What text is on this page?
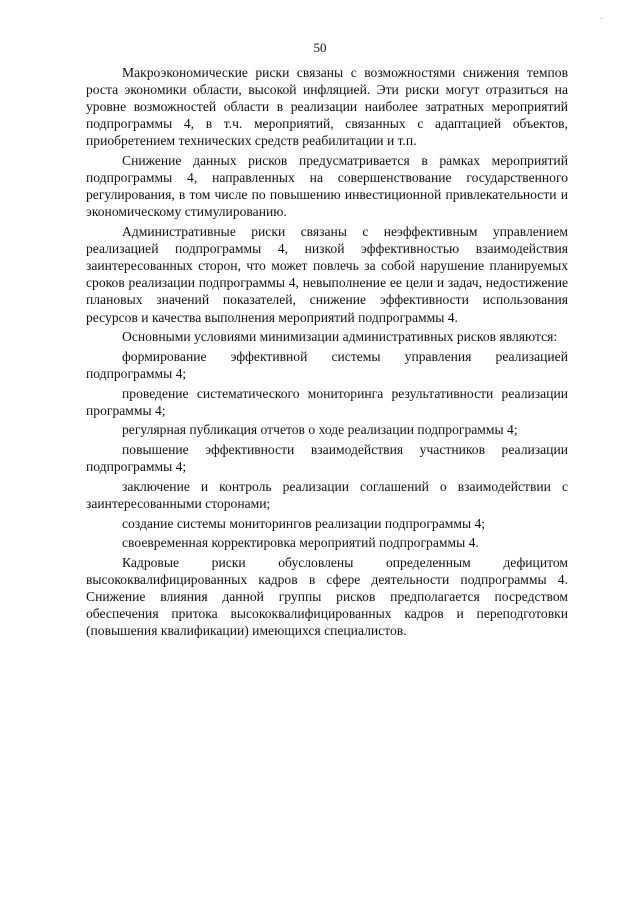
·
50

Макроэкономические риски связаны с возможностями снижения темпов роста экономики области, высокой инфляцией. Эти риски могут отразиться на уровне возможностей области в реализации наиболее затратных мероприятий подпрограммы 4, в т.ч. мероприятий, связанных с адаптацией объектов, приобретением технических средств реабилитации и т.п.

Снижение данных рисков предусматривается в рамках мероприятий подпрограммы 4, направленных на совершенствование государственного регулирования, в том числе по повышению инвестиционной привлекательности и экономическому стимулированию.

Административные риски связаны с неэффективным управлением реализацией подпрограммы 4, низкой эффективностью взаимодействия заинтересованных сторон, что может повлечь за собой нарушение планируемых сроков реализации подпрограммы 4, невыполнение ее цели и задач, недостижение плановых значений показателей, снижение эффективности использования ресурсов и качества выполнения мероприятий подпрограммы 4.

Основными условиями минимизации административных рисков являются:

формирование эффективной системы управления реализацией подпрограммы 4;

проведение систематического мониторинга результативности реализации программы 4;

регулярная публикация отчетов о ходе реализации подпрограммы 4;

повышение эффективности взаимодействия участников реализации подпрограммы 4;

заключение и контроль реализации соглашений о взаимодействии с заинтересованными сторонами;

создание системы мониторингов реализации подпрограммы 4;

своевременная корректировка мероприятий подпрограммы 4.

Кадровые риски обусловлены определенным дефицитом высококвалифицированных кадров в сфере деятельности подпрограммы 4. Снижение влияния данной группы рисков предполагается посредством обеспечения притока высококвалифицированных кадров и переподготовки (повышения квалификации) имеющихся специалистов.
